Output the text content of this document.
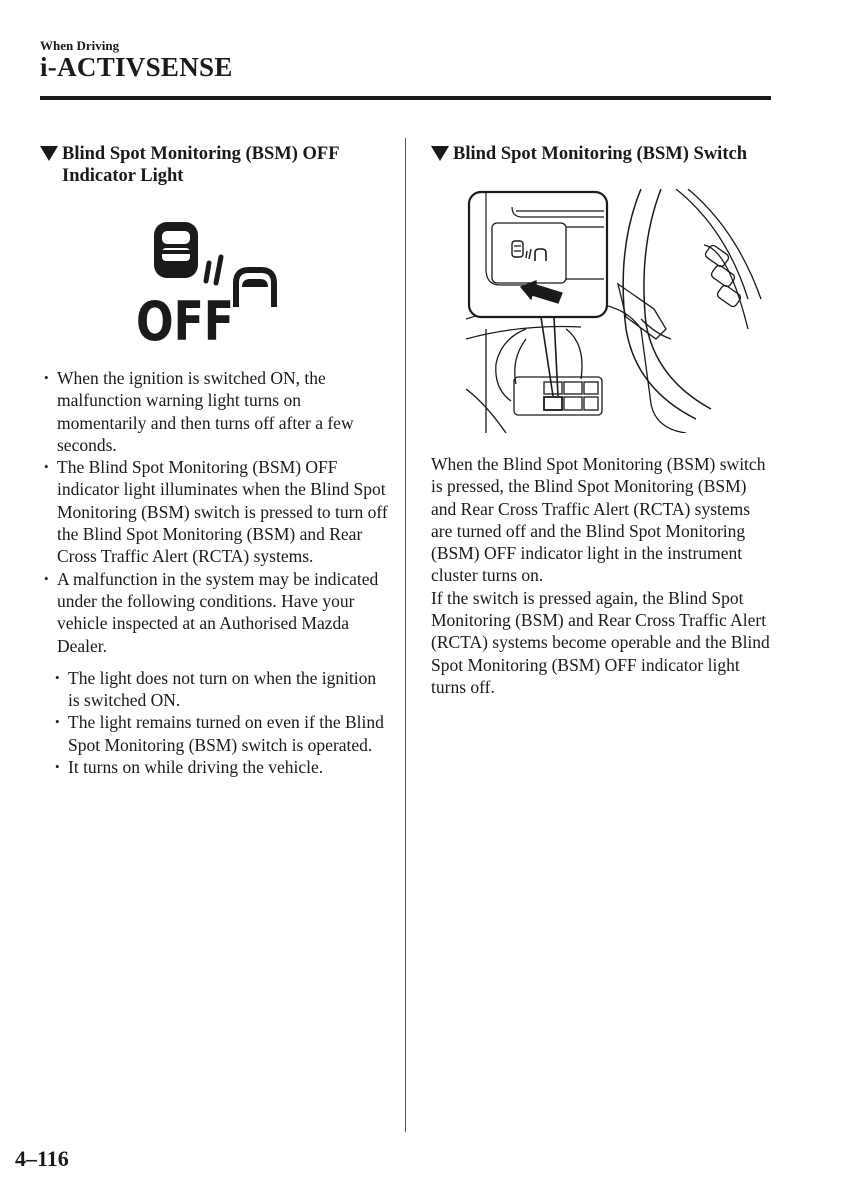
When Driving
i-ACTIVSENSE
Blind Spot Monitoring (BSM) OFF Indicator Light
OFF
• When the ignition is switched ON, the malfunction warning light turns on momentarily and then turns off after a few seconds.
• The Blind Spot Monitoring (BSM) OFF indicator light illuminates when the Blind Spot Monitoring (BSM) switch is pressed to turn off the Blind Spot Monitoring (BSM) and Rear Cross Traffic Alert (RCTA) systems.
• A malfunction in the system may be indicated under the following conditions. Have your vehicle inspected at an Authorised Mazda Dealer.
• The light does not turn on when the ignition is switched ON.
• The light remains turned on even if the Blind Spot Monitoring (BSM) switch is operated.
• It turns on while driving the vehicle.
Blind Spot Monitoring (BSM) Switch

When the Blind Spot Monitoring (BSM) switch is pressed, the Blind Spot Monitoring (BSM) and Rear Cross Traffic Alert (RCTA) systems are turned off and the Blind Spot Monitoring (BSM) OFF indicator light in the instrument cluster turns on.

If the switch is pressed again, the Blind Spot Monitoring (BSM) and Rear Cross Traffic Alert (RCTA) systems become operable and the Blind Spot Monitoring (BSM) OFF indicator light turns off.

4–116
